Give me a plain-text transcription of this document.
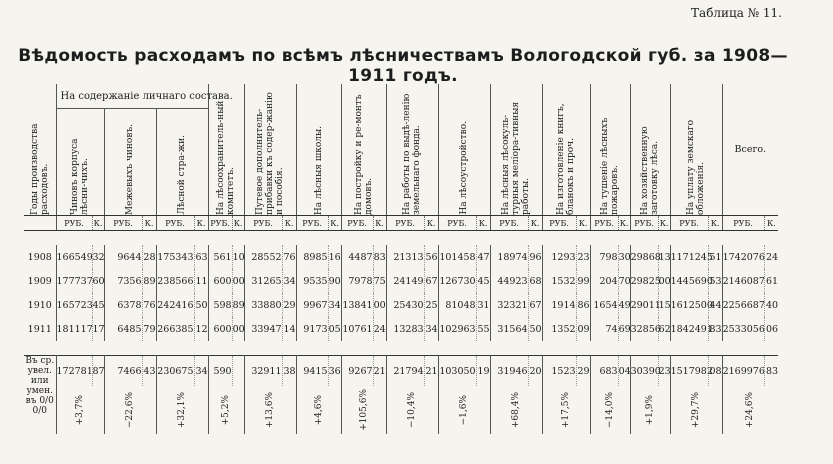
Таблица № 11.
Вѣдомость расходамъ по всѣмъ лѣсничествамъ Вологодской губ. за 1908—1911 годъ.
Годы производства расходовъ.	На содержаніе личнаго состава.						На лѣсоохранитель-ный комитетъ.		Путевое дополнитель-прибавки къ содер-жанію и пособія.		На лѣсныя школы.		На постройку и ре-монтъ домовъ.		На работы по выдѣ-ленію земельнаго фонда.		На лѣсоустройство.		На лѣсныя лѣсокуль-турныя мелiора-тивныя работы.		На изготовленіе книгъ, бланокъ и проч.		На тушеніе лѣсныхъ пожаровъ.		На хозяйственную заготовку лѣса.		На уплату земскаго обложенія.		Всего.	

	Чиновъ корпуса лѣсни-чихъ.		Межевыхъ чиновъ.		Лѣсной стра-жи.																									

	РУБ.	К.	РУБ.	К.	РУБ.	К.	РУБ.	К.	РУБ.	К.	РУБ.	К.	РУБ.	К.	РУБ.	К.	РУБ.	К.	РУБ.	К.	РУБ.	К.	РУБ.	К.	РУБ.	К.	РУБ.	К.	РУБ.	К.

1908	166549	32	9644	28	175343	63	561	10	28552	76	8985	16	4487	83	21313	56	101458	47	18974	96	1293	23	798	30	29868	13	1171245	51	1742076	24
1909	177737	60	7356	89	238566	11	600	00	31265	34	9535	90	7978	75	24149	67	126730	45	44923	68	1532	99	204	70	29825	00	1445690	53	2146087	61
1910	165723	45	6378	76	242416	50	598	89	33880	29	9967	34	13841	00	25430	25	81048	31	32321	67	1914	86	1654	49	29011	15	1612500	44	2256687	40
1911	181117	17	6485	79	266385	12	600	00	33947	14	9173	05	10761	24	13283	34	102963	55	31564	50	1352	09	74	69	32856	62	1842491	83	2533056	06

Въ ср. увел. или умен. въ 0/0 0/0	172781	87	7466	43	230675	34	590		32911	38	9415	36	9267	21	21794	21	103050	19	31946	20	1523	29	683	04	30390	23	1517982	08	2169976	83

	+3,7%		−22,6%		+32,1%		+5,2%		+13,6%		+4,6%		+105,6%		−10,4%		−1,6%		+68,4%		+17,5%		−14,0%		+1,9%		+29,7%		+24,6%	
